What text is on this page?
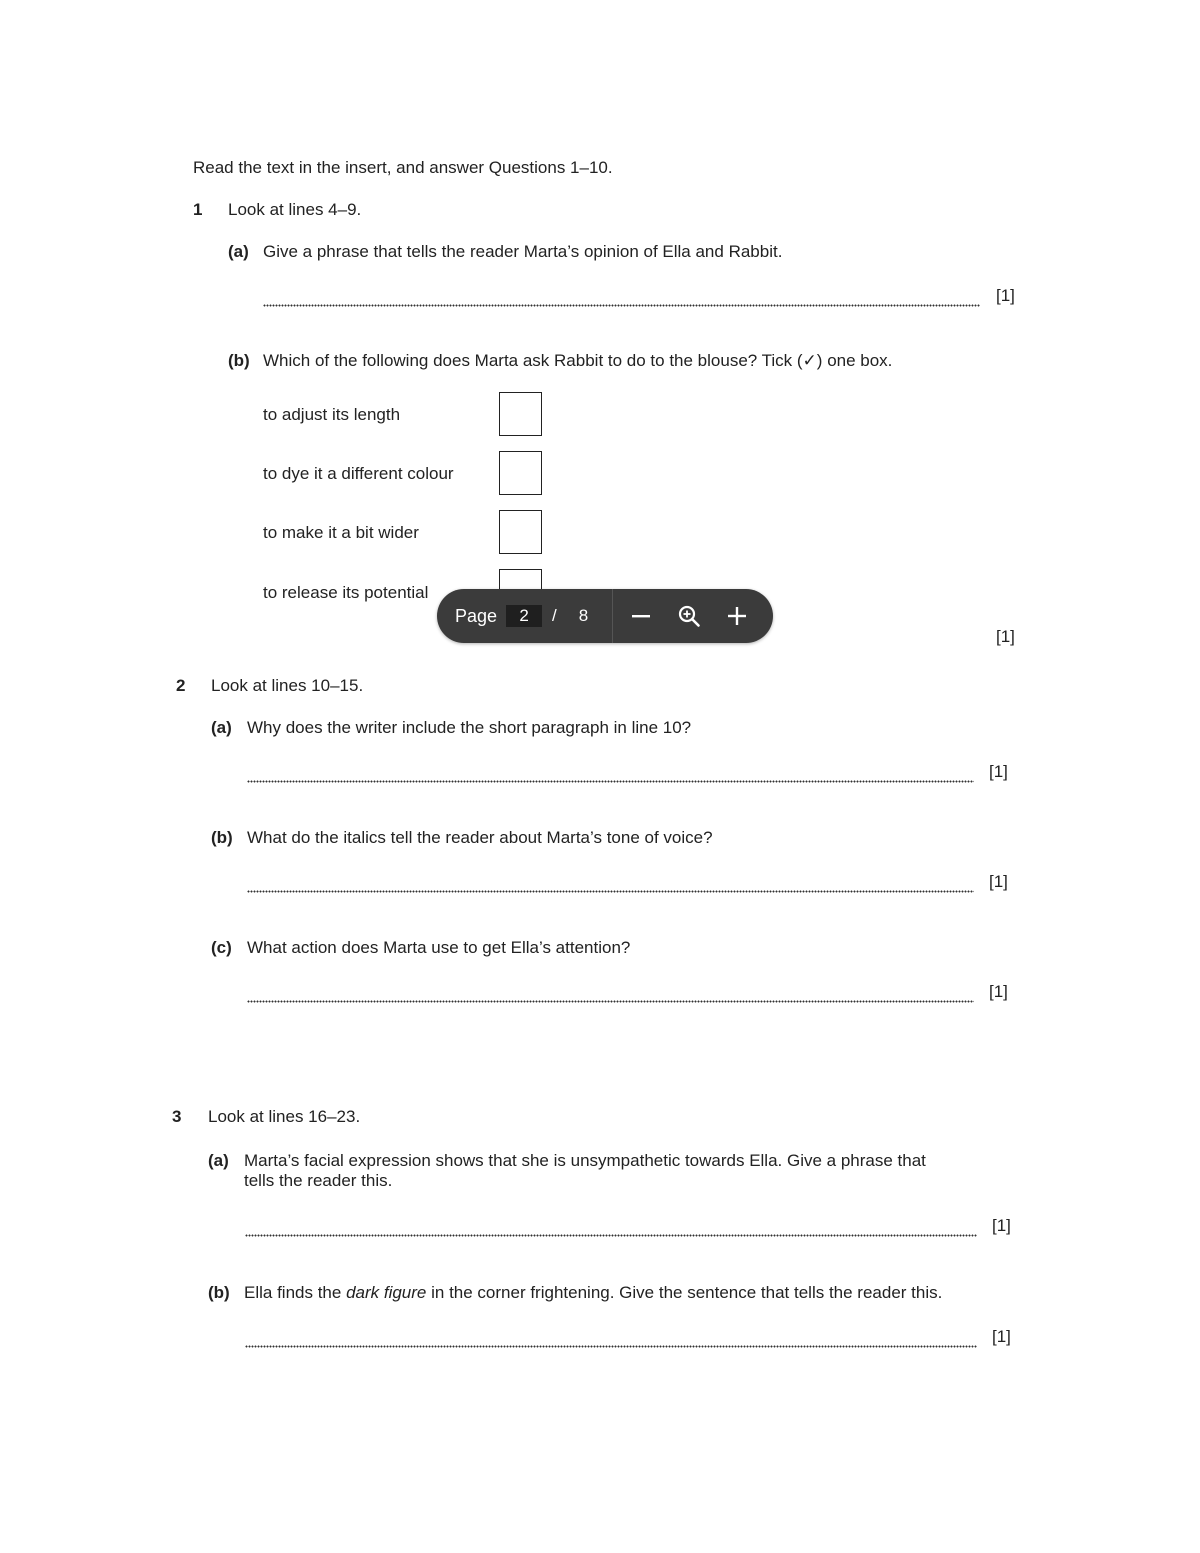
Read the text in the insert, and answer Questions 1–10.
1 Look at lines 4–9.
(a) Give a phrase that tells the reader Marta’s opinion of Ella and Rabbit.
[1]
(b) Which of the following does Marta ask Rabbit to do to the blouse? Tick (✓) one box.
to adjust its length
to dye it a different colour
to make it a bit wider
to release its potential
[1]
Page	2	/ 8
2 Look at lines 10–15.
(a) Why does the writer include the short paragraph in line 10?
[1]
(b) What do the italics tell the reader about Marta’s tone of voice?
[1]
(c) What action does Marta use to get Ella’s attention?
[1]
3 Look at lines 16–23.
(a) Marta’s facial expression shows that she is unsympathetic towards Ella. Give a phrase that
tells the reader this.
[1]
(b) Ella finds the dark figure in the corner frightening. Give the sentence that tells the reader this.
[1]
